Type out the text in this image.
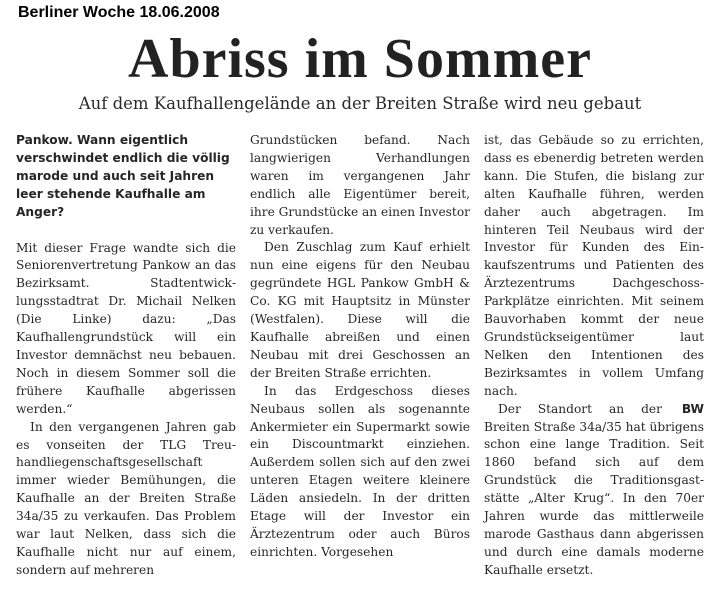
Berliner Woche 18.06.2008
Abriss im Sommer
Auf dem Kaufhallengelände an der Breiten Straße wird neu gebaut

Pankow. Wann eigentlich verschwindet endlich die völlig marode und auch seit Jahren leer stehende Kaufhalle am Anger?

Mit dieser Frage wandte sich die Seniorenvertretung Pankow an das Bezirksamt. Stadtentwicklungsstadtrat Dr. Michail Nelken (Die Linke) dazu: „Das Kaufhallengrundstück will ein Investor demnächst neu bebauen. Noch in diesem Sommer soll die frühere Kaufhalle abgerissen werden.“

In den vergangenen Jahren gab es vonseiten der TLG Treuhandliegenschaftsgesellschaft immer wieder Bemühungen, die Kaufhalle an der Breiten Straße 34a/35 zu verkaufen. Das Problem war laut Nelken, dass sich die Kaufhalle nicht nur auf einem, sondern auf mehreren

Grundstücken befand. Nach langwierigen Verhandlungen waren im vergangenen Jahr endlich alle Eigentümer bereit, ihre Grundstücke an einen Investor zu verkaufen.

Den Zuschlag zum Kauf erhielt nun eine eigens für den Neubau gegründete HGL Pankow GmbH & Co. KG mit Hauptsitz in Münster (Westfalen). Diese will die Kaufhalle abreißen und einen Neubau mit drei Geschossen an der Breiten Straße errichten.

In das Erdgeschoss dieses Neubaus sollen als sogenannte Ankermieter ein Supermarkt sowie ein Discountmarkt einziehen. Außerdem sollen sich auf den zwei unteren Etagen weitere kleinere Läden ansiedeln. In der dritten Etage will der Investor ein Ärztezentrum oder auch Büros einrichten. Vorgesehen

ist, das Gebäude so zu errichten, dass es ebenerdig betreten werden kann. Die Stufen, die bislang zur alten Kaufhalle führen, werden daher auch abgetragen. Im hinteren Teil Neubaus wird der Investor für Kunden des Einkaufszentrums und Patienten des Ärztezentrums Dachgeschoss-Parkplätze einrichten. Mit seinem Bauvorhaben kommt der neue Grundstückseigentümer laut Nelken den Intentionen des Bezirksamtes in vollem Umfang nach.

BW
Der Standort an der Breiten Straße 34a/35 hat übrigens schon eine lange Tradition. Seit 1860 befand sich auf dem Grundstück die Traditionsgaststätte „Alter Krug“. In den 70er Jahren wurde das mittlerweile marode Gasthaus dann abgerissen und durch eine damals moderne Kaufhalle ersetzt.
